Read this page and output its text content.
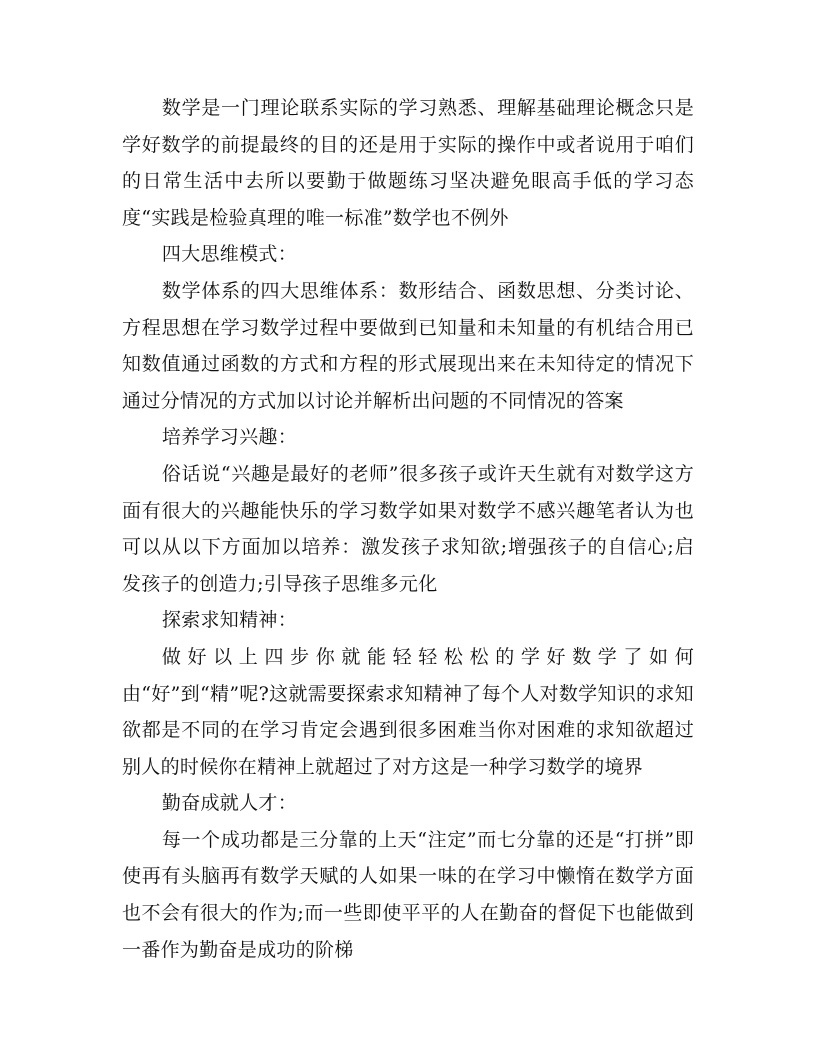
数学是一门理论联系实际的学习熟悉、理解基础理论概念只是学好数学的前提最终的目的还是用于实际的操作中或者说用于咱们的日常生活中去所以要勤于做题练习坚决避免眼高手低的学习态度“实践是检验真理的唯一标准”数学也不例外

四大思维模式：

数学体系的四大思维体系：数形结合、函数思想、分类讨论、方程思想在学习数学过程中要做到已知量和未知量的有机结合用已知数值通过函数的方式和方程的形式展现出来在未知待定的情况下通过分情况的方式加以讨论并解析出问题的不同情况的答案

培养学习兴趣：

俗话说“兴趣是最好的老师”很多孩子或许天生就有对数学这方面有很大的兴趣能快乐的学习数学如果对数学不感兴趣笔者认为也可以从以下方面加以培养：激发孩子求知欲;增强孩子的自信心;启发孩子的创造力;引导孩子思维多元化

探索求知精神：

做好以上四步你就能轻轻松松的学好数学了如何由“好”到“精”呢?这就需要探索求知精神了每个人对数学知识的求知欲都是不同的在学习肯定会遇到很多困难当你对困难的求知欲超过别人的时候你在精神上就超过了对方这是一种学习数学的境界

勤奋成就人才：

每一个成功都是三分靠的上天“注定”而七分靠的还是“打拼”即使再有头脑再有数学天赋的人如果一味的在学习中懒惰在数学方面也不会有很大的作为;而一些即使平平的人在勤奋的督促下也能做到一番作为勤奋是成功的阶梯
